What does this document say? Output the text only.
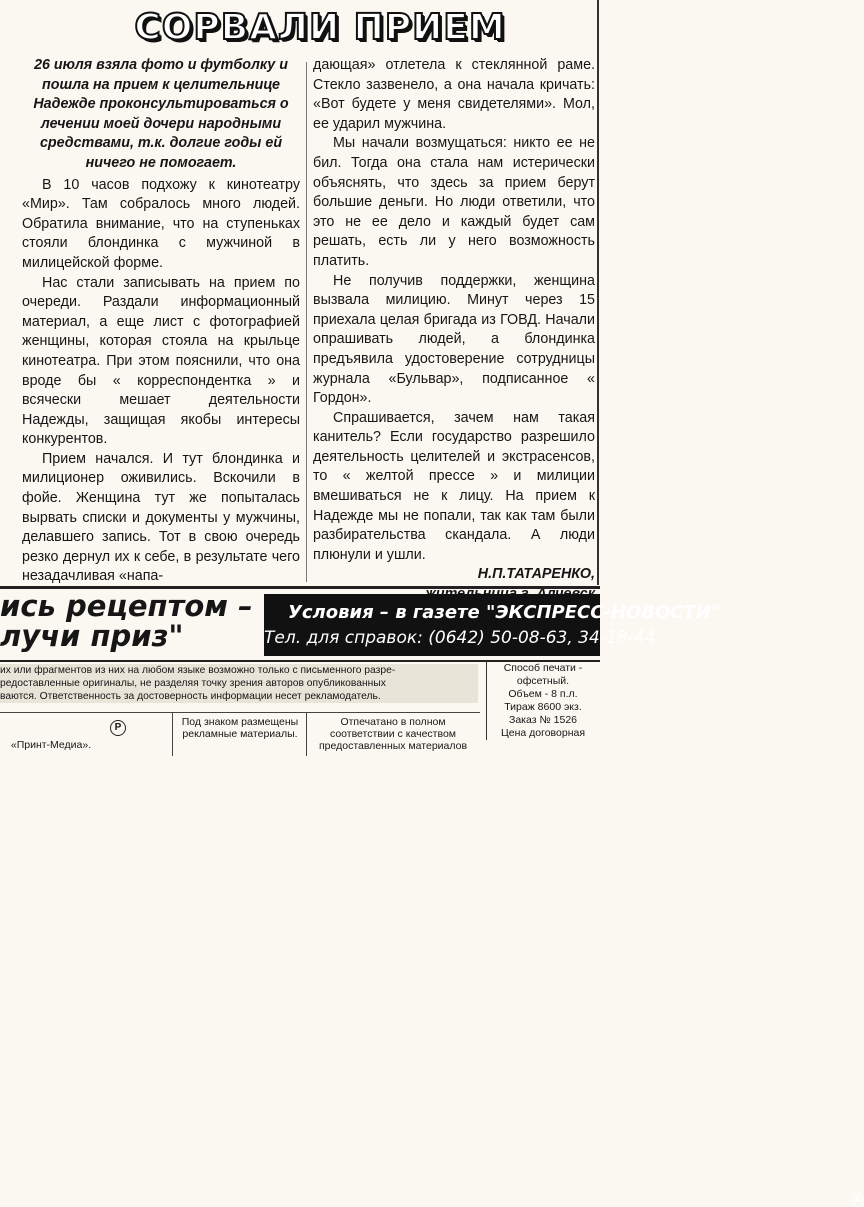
СОРВАЛИ ПРИЕМ

26 июля взяла фото и футболку и пошла на прием к целительнице Надежде проконсультироваться о лечении моей дочери народными средствами, т.к. долгие годы ей ничего не помогает.

В 10 часов подхожу к кинотеатру «Мир». Там собралось много людей. Обратила внимание, что на ступеньках стояли блондинка с мужчиной в милицейской форме.

Нас стали записывать на прием по очереди. Раздали информационный материал, а еще лист с фотографией женщины, которая стояла на крыльце кинотеатра. При этом пояснили, что она вроде бы « корреспондентка » и всячески мешает деятельности Надежды, защищая якобы интересы конкурентов.

Прием начался. И тут блондинка и милиционер оживились. Вскочили в фойе. Женщина тут же попыталась вырвать списки и документы у мужчины, делавшего запись. Тот в свою очередь резко дернул их к себе, в результате чего незадачливая «напа-

дающая» отлетела к стеклянной раме. Стекло зазвенело, а она начала кричать: «Вот будете у меня свидетелями». Мол, ее ударил мужчина.

Мы начали возмущаться: никто ее не бил. Тогда она стала нам истерически объяснять, что здесь за прием берут большие деньги. Но люди ответили, что это не ее дело и каждый будет сам решать, есть ли у него возможность платить.

Не получив поддержки, женщина вызвала милицию. Минут через 15 приехала целая бригада из ГОВД. Начали опрашивать людей, а блондинка предъявила удостоверение сотрудницы журнала «Бульвар», подписанное « Гордон».

Спрашивается, зачем нам такая канитель? Если государство разрешило деятельность целителей и экстрасенсов, то « желтой прессе » и милиции вмешиваться не к лицу. На прием к Надежде мы не попали, так как там были разбирательства скандала. А люди плюнули и ушли.

Н.П.ТАТАРЕНКО,

ись рецептом –
лучи приз"
Условия – в газете "ЭКСПРЕСС-НОВОСТИ"
Тел. для справок: (0642) 50-08-63, 34-18-44
®

их или фрагментов из них на любом языке возможно только с письменного разре-

редоставленные оригиналы, не разделяя точку зрения авторов опубликованных

ваются. Ответственность за достоверность информации несет рекламодатель.

Способ печати -

офсетный.

Объем - 8 п.л.

Тираж 8600 экз.

Заказ № 1526

Цена договорная

«Принт-Медиа».
Р	Под знаком размещены рекламные материалы.
Отпечатано в полном соответствии с качеством предоставленных материалов
